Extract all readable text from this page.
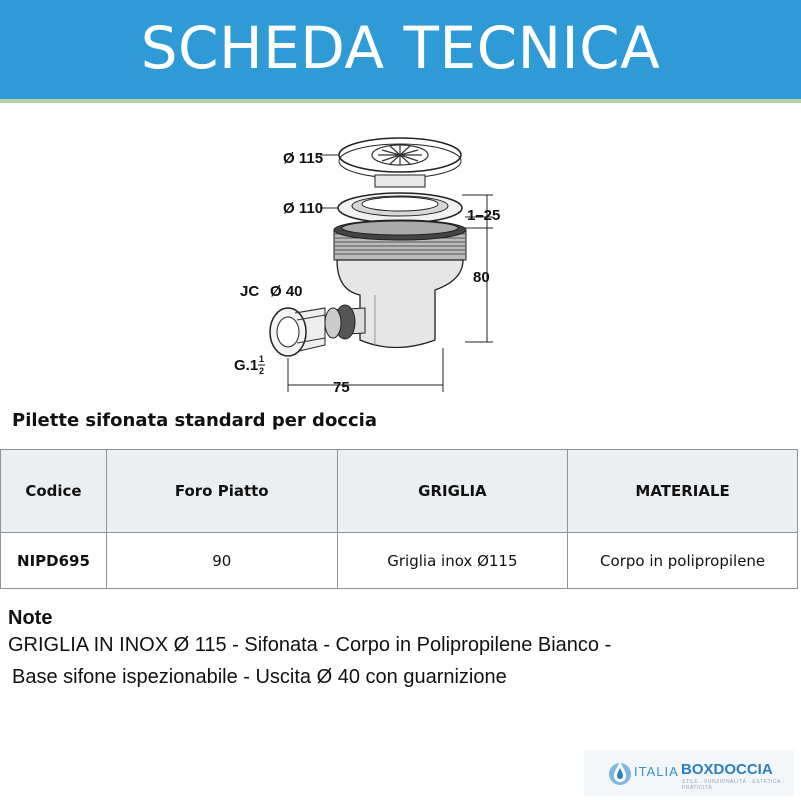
SCHEDA TECNICA
Ø 115
Ø 110	1–25
80
JC Ø 40
G.1 1
2
75
Pilette sifonata standard per doccia
Codice	Foro Piatto	GRIGLIA	MATERIALE
NIPD695	90	Griglia inox Ø115	Corpo in polipropilene
Note
GRIGLIA IN INOX Ø 115 - Sifonata - Corpo in Polipropilene Bianco -
Base sifone ispezionabile - Uscita Ø 40 con guarnizione
ITALIA BOXDOCCIA
STILE · FUNZIONALITÀ · ESTETICA · PRATICITÀ
